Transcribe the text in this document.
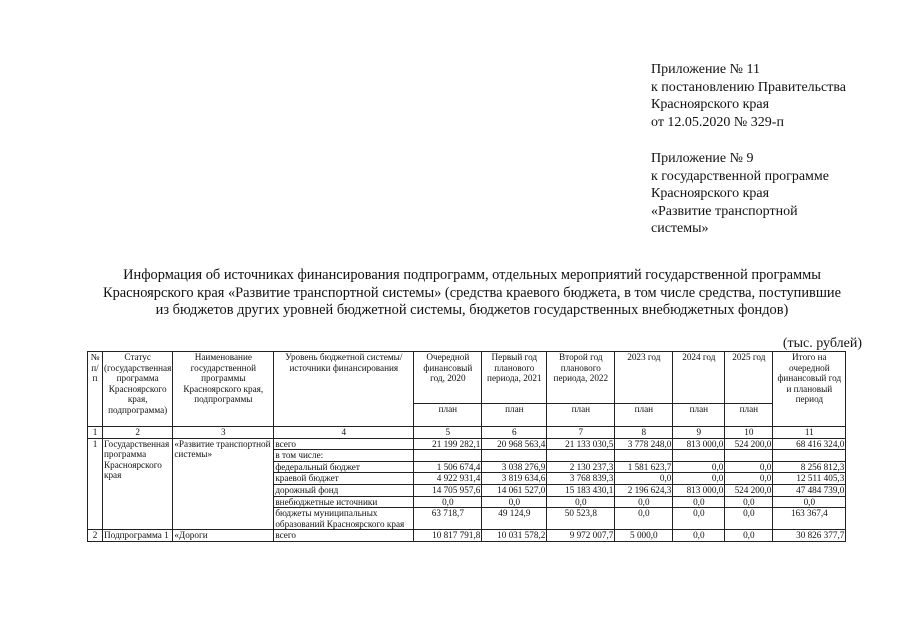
Приложение № 11
к постановлению Правительства
Красноярского края
от 12.05.2020 № 329-п
Приложение № 9
к государственной программе
Красноярского края
«Развитие транспортной
системы»
Информация об источниках финансирования подпрограмм, отдельных мероприятий государственной программы
Красноярского края «Развитие транспортной системы» (средства краевого бюджета, в том числе средства, поступившие
из бюджетов других уровней бюджетной системы, бюджетов государственных внебюджетных фондов)
(тыс. рублей)
№ п/п	Статус (государственная программа Красноярского края, подпрограмма)	Наименование государственной программы Красноярского края, подпрограммы	Уровень бюджетной системы/источники финансирования	Очередной финансовый год, 2020	Первый год планового периода, 2021	Второй год планового периода, 2022	2023 год	2024 год	2025 год	Итого на очередной финансовый год и плановый период
				план	план	план	план	план	план	
1	2	3	4	5	6	7	8	9	10	11
1	Государственная программа Красноярского края	«Развитие транспортной системы»	всего	21 199 282,1	20 968 563,4	21 133 030,5	3 778 248,0	813 000,0	524 200,0	68 416 324,0
			в том числе:							
			федеральный бюджет	1 506 674,4	3 038 276,9	2 130 237,3	1 581 623,7	0,0	0,0	8 256 812,3
			краевой бюджет	4 922 931,4	3 819 634,6	3 768 839,3	0,0	0,0	0,0	12 511 405,3
			дорожный фонд	14 705 957,6	14 061 527,0	15 183 430,1	2 196 624,3	813 000,0	524 200,0	47 484 739,0
			внебюджетные источники	0,0	0,0	0,0	0,0	0,0	0,0	0,0
			бюджеты муниципальных образований Красноярского края	63 718,7	49 124,9	50 523,8	0,0	0,0	0,0	163 367,4
2	Подпрограмма 1	«Дороги	всего	10 817 791,8	10 031 578,2	9 972 007,7	5 000,0	0,0	0,0	30 826 377,7
